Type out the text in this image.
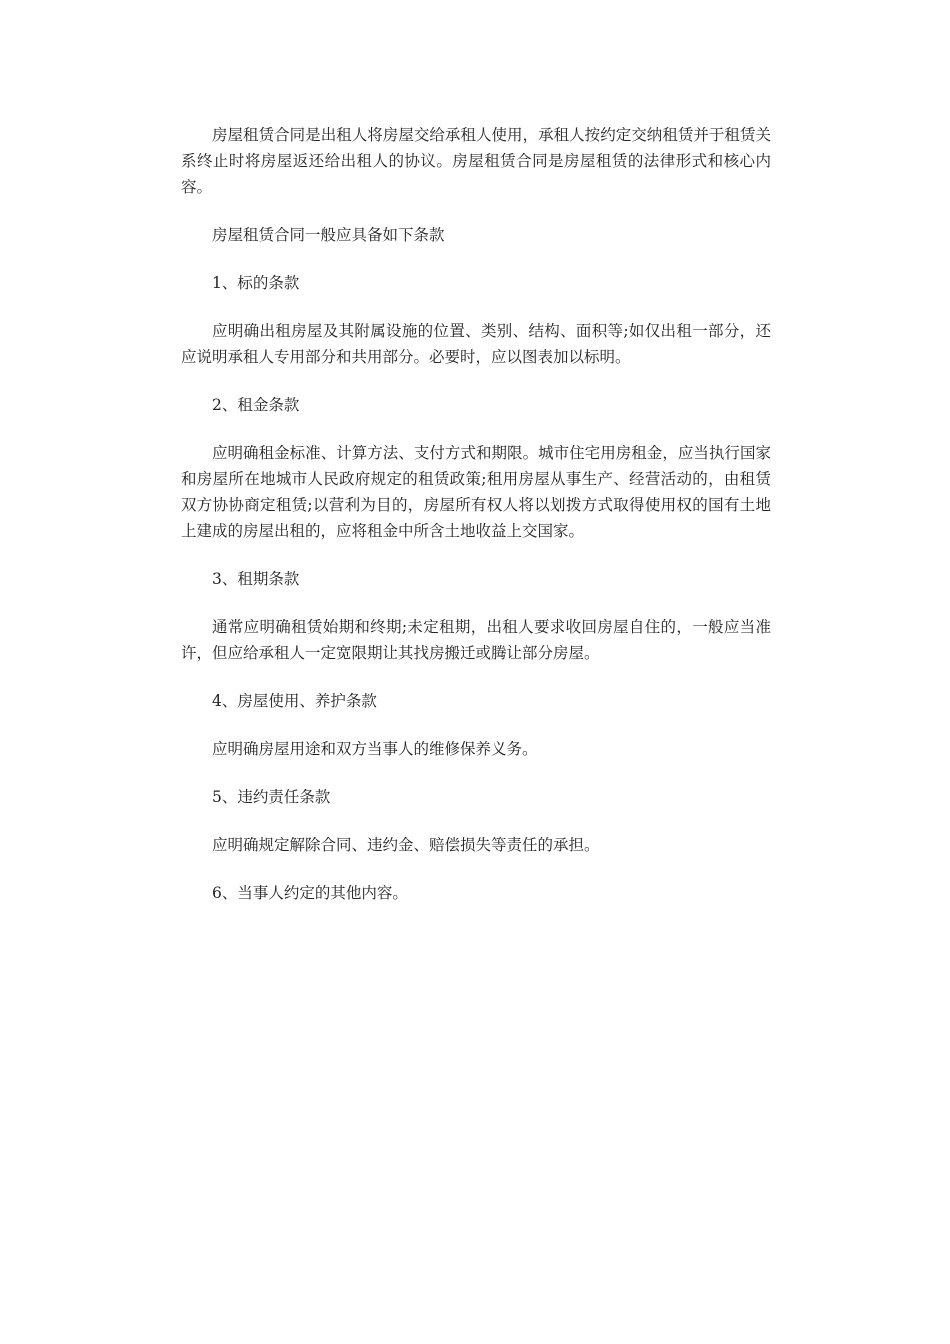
房屋租赁合同是出租人将房屋交给承租人使用，承租人按约定交纳租赁并于租赁关系终止时将房屋返还给出租人的协议。房屋租赁合同是房屋租赁的法律形式和核心内容。

房屋租赁合同一般应具备如下条款

1、标的条款

应明确出租房屋及其附属设施的位置、类别、结构、面积等;如仅出租一部分，还应说明承租人专用部分和共用部分。必要时，应以图表加以标明。

2、租金条款

应明确租金标准、计算方法、支付方式和期限。城市住宅用房租金，应当执行国家和房屋所在地城市人民政府规定的租赁政策;租用房屋从事生产、经营活动的，由租赁双方协协商定租赁;以营利为目的，房屋所有权人将以划拨方式取得使用权的国有土地上建成的房屋出租的，应将租金中所含土地收益上交国家。

3、租期条款

通常应明确租赁始期和终期;未定租期，出租人要求收回房屋自住的，一般应当准许，但应给承租人一定宽限期让其找房搬迁或腾让部分房屋。

4、房屋使用、养护条款

应明确房屋用途和双方当事人的维修保养义务。

5、违约责任条款

应明确规定解除合同、违约金、赔偿损失等责任的承担。

6、当事人约定的其他内容。
